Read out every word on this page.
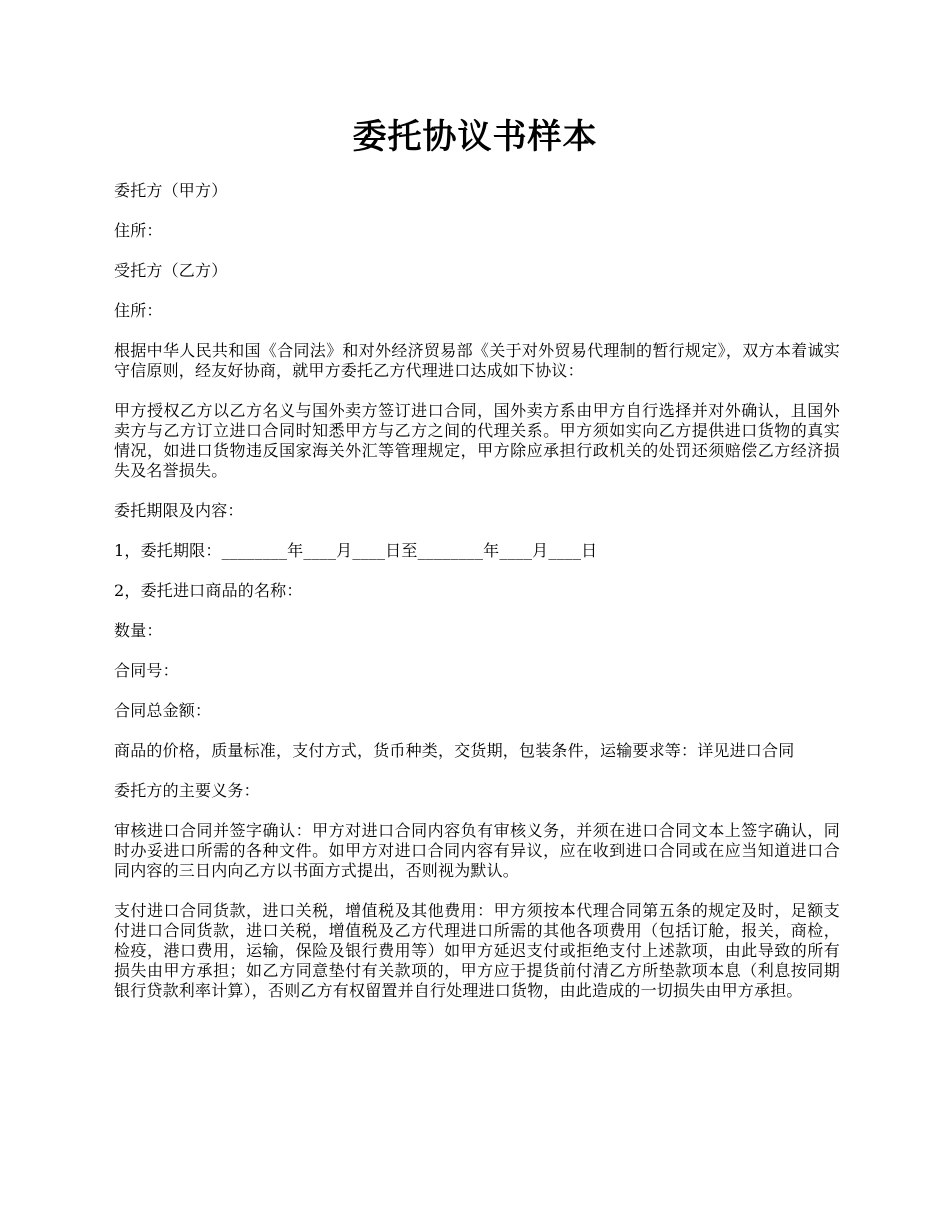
委托协议书样本

委托方（甲方）

住所：

受托方（乙方）

住所：

根据中华人民共和国《合同法》和对外经济贸易部《关于对外贸易代理制的暂行规定》，双方本着诚实守信原则，经友好协商，就甲方委托乙方代理进口达成如下协议：

甲方授权乙方以乙方名义与国外卖方签订进口合同，国外卖方系由甲方自行选择并对外确认，且国外卖方与乙方订立进口合同时知悉甲方与乙方之间的代理关系。甲方须如实向乙方提供进口货物的真实情况，如进口货物违反国家海关外汇等管理规定，甲方除应承担行政机关的处罚还须赔偿乙方经济损失及名誉损失。

委托期限及内容：

1，委托期限：________年____月____日至________年____月____日

2，委托进口商品的名称：

数量：

合同号：

合同总金额：

商品的价格，质量标准，支付方式，货币种类，交货期，包装条件，运输要求等：详见进口合同

委托方的主要义务：

审核进口合同并签字确认：甲方对进口合同内容负有审核义务，并须在进口合同文本上签字确认，同时办妥进口所需的各种文件。如甲方对进口合同内容有异议，应在收到进口合同或在应当知道进口合同内容的三日内向乙方以书面方式提出，否则视为默认。

支付进口合同货款，进口关税，增值税及其他费用：甲方须按本代理合同第五条的规定及时，足额支付进口合同货款，进口关税，增值税及乙方代理进口所需的其他各项费用（包括订舱，报关，商检，检疫，港口费用，运输，保险及银行费用等）如甲方延迟支付或拒绝支付上述款项，由此导致的所有损失由甲方承担；如乙方同意垫付有关款项的，甲方应于提货前付清乙方所垫款项本息（利息按同期银行贷款利率计算），否则乙方有权留置并自行处理进口货物，由此造成的一切损失由甲方承担。
